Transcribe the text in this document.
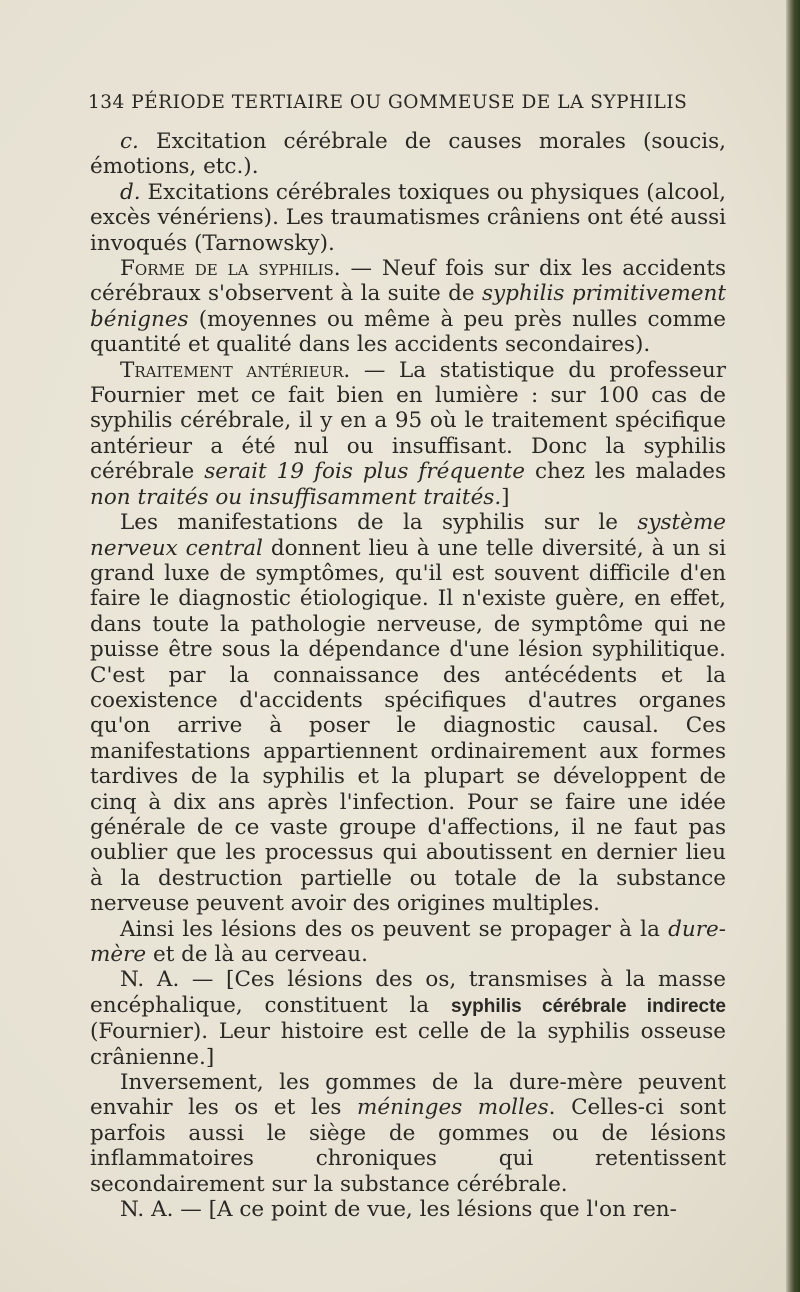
134 PÉRIODE TERTIAIRE OU GOMMEUSE DE LA SYPHILIS

c. Excitation cérébrale de causes morales (soucis, émotions, etc.).

d. Excitations cérébrales toxiques ou physiques (alcool, excès vénériens). Les traumatismes crâniens ont été aussi invoqués (Tarnowsky).

Forme de la syphilis. — Neuf fois sur dix les accidents cérébraux s'observent à la suite de syphilis primitivement bénignes (moyennes ou même à peu près nulles comme quantité et qualité dans les accidents secondaires).

Traitement antérieur. — La statistique du professeur Fournier met ce fait bien en lumière : sur 100 cas de syphilis cérébrale, il y en a 95 où le traitement spécifique antérieur a été nul ou insuffisant. Donc la syphilis cérébrale serait 19 fois plus fréquente chez les malades non traités ou insuffisamment traités.]

Les manifestations de la syphilis sur le système nerveux central donnent lieu à une telle diversité, à un si grand luxe de symptômes, qu'il est souvent difficile d'en faire le diagnostic étiologique. Il n'existe guère, en effet, dans toute la pathologie nerveuse, de symptôme qui ne puisse être sous la dépendance d'une lésion syphilitique. C'est par la connaissance des antécédents et la coexistence d'accidents spécifiques d'autres organes qu'on arrive à poser le diagnostic causal. Ces manifestations appartiennent ordinairement aux formes tardives de la syphilis et la plupart se développent de cinq à dix ans après l'infection. Pour se faire une idée générale de ce vaste groupe d'affections, il ne faut pas oublier que les processus qui aboutissent en dernier lieu à la destruction partielle ou totale de la substance nerveuse peuvent avoir des origines multiples.

Ainsi les lésions des os peuvent se propager à la dure-mère et de là au cerveau.

N. A. — [Ces lésions des os, transmises à la masse encéphalique, constituent la syphilis cérébrale indirecte (Fournier). Leur histoire est celle de la syphilis osseuse crânienne.]

Inversement, les gommes de la dure-mère peuvent envahir les os et les méninges molles. Celles-ci sont parfois aussi le siège de gommes ou de lésions inflammatoires chroniques qui retentissent secondairement sur la substance cérébrale.

N. A. — [A ce point de vue, les lésions que l'on ren-
